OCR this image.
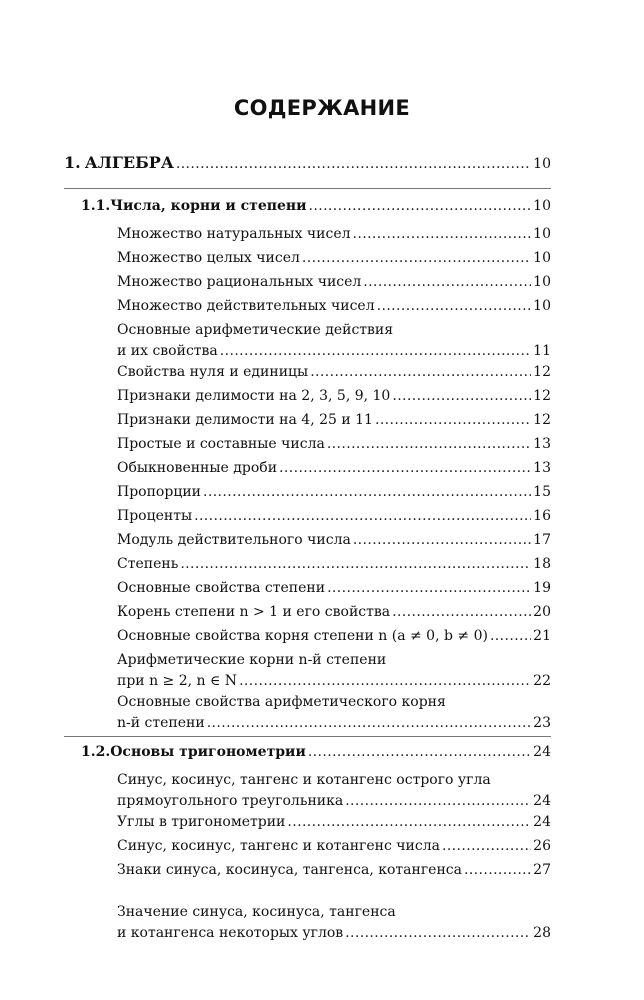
СОДЕРЖАНИЕ
1. АЛГЕБРА .....	10
1.1. Числа, корни и степени .....	10
Множество натуральных чисел .....	10
Множество целых чисел .....	10
Множество рациональных чисел .....	10
Множество действительных чисел .....	10
Основные арифметические действия
и их свойства .....	11
Свойства нуля и единицы .....	12
Признаки делимости на 2, 3, 5, 9, 10 .....	12
Признаки делимости на 4, 25 и 11 .....	12
Простые и составные числа .....	13
Обыкновенные дроби .....	13
Пропорции .....	15
Проценты .....	16
Модуль действительного числа .....	17
Степень .....	18
Основные свойства степени .....	19
Корень степени n > 1 и его свойства .....	20
Основные свойства корня степени n (a ≠ 0, b ≠ 0) .....	21
Арифметические корни n-й степени
при n ≥ 2, n ∈ N .....	22
Основные свойства арифметического корня
n-й степени .....	23
1.2. Основы тригонометрии .....	24
Синус, косинус, тангенс и котангенс острого угла
прямоугольного треугольника .....	24
Углы в тригонометрии .....	24
Синус, косинус, тангенс и котангенс числа .....	26
Знаки синуса, косинуса, тангенса, котангенса .....	27
Значение синуса, косинуса, тангенса
и котангенса некоторых углов .....	28
